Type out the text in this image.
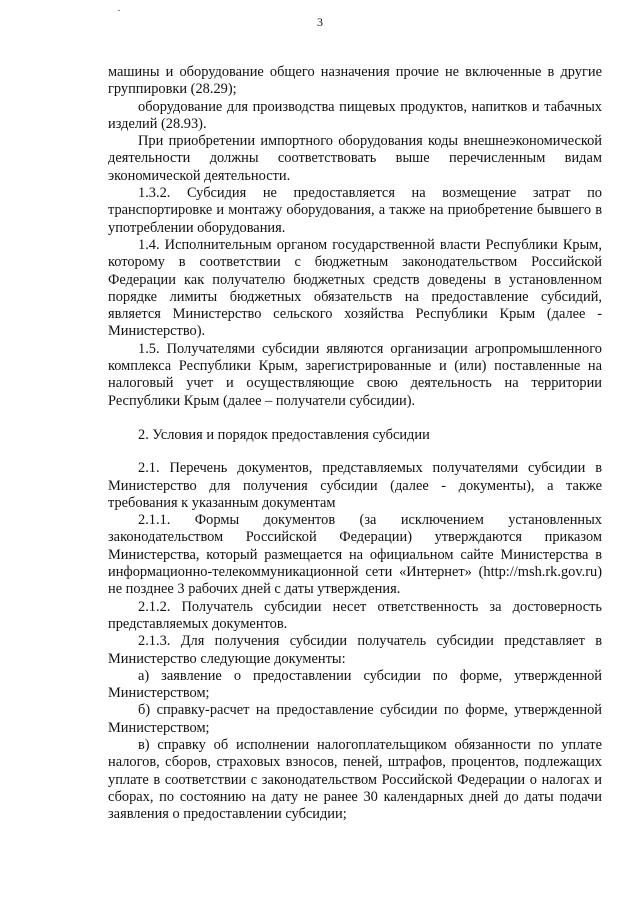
3

машины и оборудование общего назначения прочие не включенные в другие группировки (28.29);

оборудование для производства пищевых продуктов, напитков и табачных изделий (28.93).

При приобретении импортного оборудования коды внешнеэкономической деятельности должны соответствовать выше перечисленным видам экономической деятельности.

1.3.2. Субсидия не предоставляется на возмещение затрат по транспортировке и монтажу оборудования, а также на приобретение бывшего в употреблении оборудования.

1.4. Исполнительным органом государственной власти Республики Крым, которому в соответствии с бюджетным законодательством Российской Федерации как получателю бюджетных средств доведены в установленном порядке лимиты бюджетных обязательств на предоставление субсидий, является Министерство сельского хозяйства Республики Крым (далее - Министерство).

1.5. Получателями субсидии являются организации агропромышленного комплекса Республики Крым, зарегистрированные и (или) поставленные на налоговый учет и осуществляющие свою деятельность на территории Республики Крым (далее – получатели субсидии).

2. Условия и порядок предоставления субсидии

2.1. Перечень документов, представляемых получателями субсидии в Министерство для получения субсидии (далее - документы), а также требования к указанным документам

2.1.1. Формы документов (за исключением установленных законодательством Российской Федерации) утверждаются приказом Министерства, который размещается на официальном сайте Министерства в информационно-телекоммуникационной сети «Интернет» (http://msh.rk.gov.ru) не позднее 3 рабочих дней с даты утверждения.

2.1.2. Получатель субсидии несет ответственность за достоверность представляемых документов.

2.1.3. Для получения субсидии получатель субсидии представляет в Министерство следующие документы:

а) заявление о предоставлении субсидии по форме, утвержденной Министерством;

б) справку-расчет на предоставление субсидии по форме, утвержденной Министерством;

в) справку об исполнении налогоплательщиком обязанности по уплате налогов, сборов, страховых взносов, пеней, штрафов, процентов, подлежащих уплате в соответствии с законодательством Российской Федерации о налогах и сборах, по состоянию на дату не ранее 30 календарных дней до даты подачи заявления о предоставлении субсидии;
